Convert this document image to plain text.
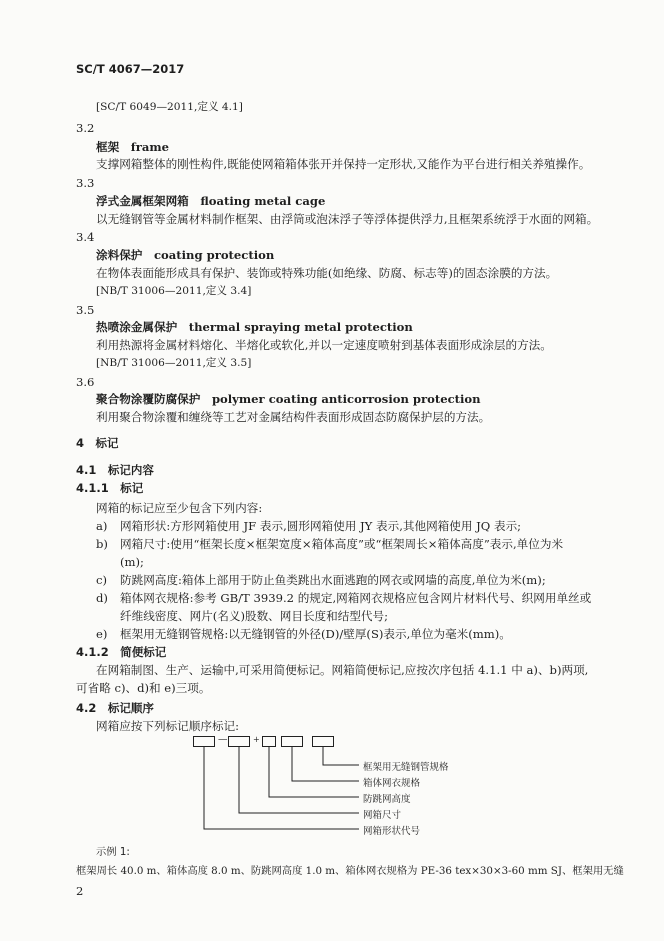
SC/T 4067—2017
[SC/T 6049—2011,定义 4.1]
3.2
框架　frame
支撑网箱整体的刚性构件,既能使网箱箱体张开并保持一定形状,又能作为平台进行相关养殖操作。
3.3
浮式金属框架网箱　floating metal cage
以无缝钢管等金属材料制作框架、由浮筒或泡沫浮子等浮体提供浮力,且框架系统浮于水面的网箱。
3.4
涂料保护　coating protection
在物体表面能形成具有保护、装饰或特殊功能(如绝缘、防腐、标志等)的固态涂膜的方法。
[NB/T 31006—2011,定义 3.4]
3.5
热喷涂金属保护　thermal spraying metal protection
利用热源将金属材料熔化、半熔化或软化,并以一定速度喷射到基体表面形成涂层的方法。
[NB/T 31006—2011,定义 3.5]
3.6
聚合物涂覆防腐保护　polymer coating anticorrosion protection
利用聚合物涂覆和缠绕等工艺对金属结构件表面形成固态防腐保护层的方法。
4　标记
4.1　标记内容
4.1.1　标记
网箱的标记应至少包含下列内容:
a) 网箱形状:方形网箱使用 JF 表示,圆形网箱使用 JY 表示,其他网箱使用 JQ 表示;
b) 网箱尺寸:使用“框架长度×框架宽度×箱体高度”或“框架周长×箱体高度”表示,单位为米
(m);
c) 防跳网高度:箱体上部用于防止鱼类跳出水面逃跑的网衣或网墙的高度,单位为米(m);
d) 箱体网衣规格:参考 GB/T 3939.2 的规定,网箱网衣规格应包含网片材料代号、织网用单丝或
纤维线密度、网片(名义)股数、网目长度和结型代号;
e) 框架用无缝钢管规格:以无缝钢管的外径(D)/壁厚(S)表示,单位为毫米(mm)。
4.1.2　简便标记
在网箱制图、生产、运输中,可采用简便标记。网箱简便标记,应按次序包括 4.1.1 中 a)、b)两项,
可省略 c)、d)和 e)三项。
4.2　标记顺序
网箱应按下列标记顺序标记:
—	+
框架用无缝钢管规格
箱体网衣规格
防跳网高度
网箱尺寸
网箱形状代号
示例 1:
框架周长 40.0 m、箱体高度 8.0 m、防跳网高度 1.0 m、箱体网衣规格为 PE-36 tex×30×3-60 mm SJ、框架用无缝
2
